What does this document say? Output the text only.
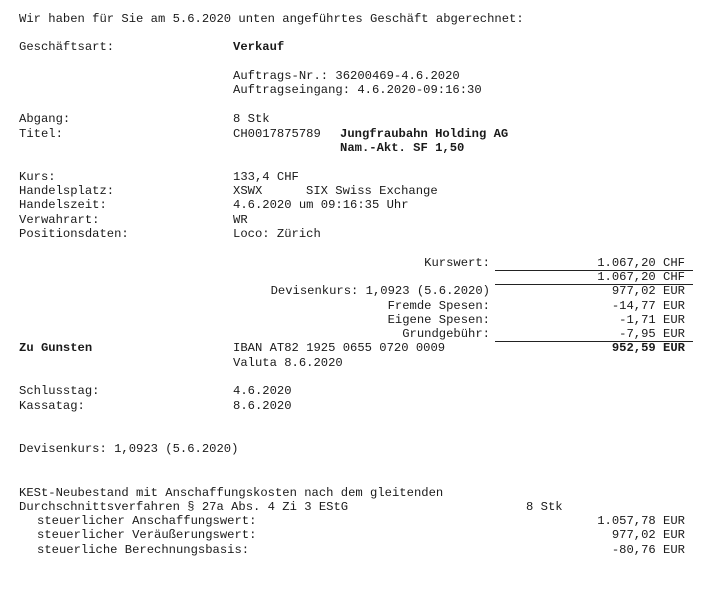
Wir haben für Sie am 5.6.2020 unten angeführtes Geschäft abgerechnet:
Geschäftsart:	Verkauf
Auftrags-Nr.: 36200469-4.6.2020
Auftragseingang: 4.6.2020-09:16:30
Abgang:	8 Stk
Titel:	CH0017875789 Jungfraubahn Holding AG
Nam.-Akt. SF 1,50
Kurs:	133,4 CHF
Handelsplatz:	XSWX	SIX Swiss Exchange
Handelszeit:	4.6.2020 um 09:16:35 Uhr
Verwahrart:	WR
Positionsdaten:	Loco: Zürich
Kurswert:	1.067,20 CHF
1.067,20 CHF
Devisenkurs: 1,0923 (5.6.2020)	977,02 EUR
Fremde Spesen:	-14,77 EUR
Eigene Spesen:	-1,71 EUR
Grundgebühr:	-7,95 EUR
Zu Gunsten	IBAN AT82 1925 0655 0720 0009	952,59 EUR
Valuta 8.6.2020
Schlusstag:	4.6.2020
Kassatag:	8.6.2020
Devisenkurs: 1,0923 (5.6.2020)
KESt-Neubestand mit Anschaffungskosten nach dem gleitenden
Durchschnittsverfahren § 27a Abs. 4 Zi 3 EStG	8 Stk
steuerlicher Anschaffungswert:	1.057,78 EUR
steuerlicher Veräußerungswert:	977,02 EUR
steuerliche Berechnungsbasis:	-80,76 EUR
